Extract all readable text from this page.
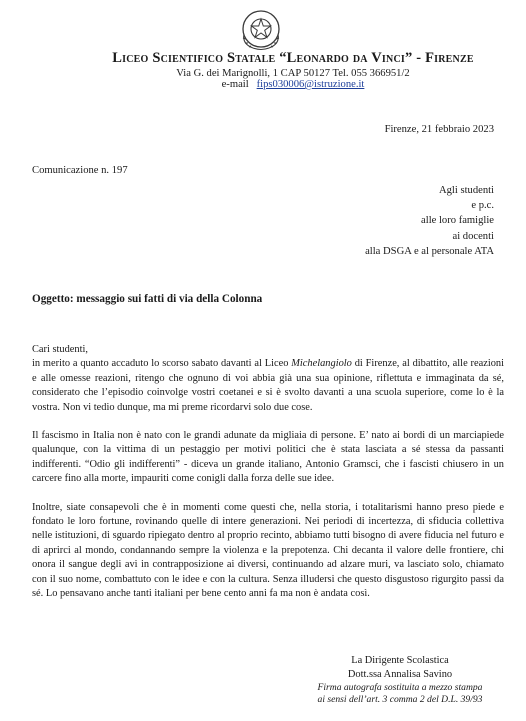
Liceo Scientifico Statale “Leonardo da Vinci” - Firenze
Via G. dei Marignolli, 1 CAP 50127 Tel. 055 366951/2
e-mail fips030006@istruzione.it
Firenze, 21 febbraio 2023
Comunicazione n. 197
Agli studenti
e p.c.
alle loro famiglie
ai docenti
alla DSGA e al personale ATA
Oggetto: messaggio sui fatti di via della Colonna

Cari studenti,

in merito a quanto accaduto lo scorso sabato davanti al Liceo Michelangiolo di Firenze, al dibattito, alle reazioni e alle omesse reazioni, ritengo che ognuno di voi abbia già una sua opinione, riflettuta e immaginata da sé, considerato che l’episodio coinvolge vostri coetanei e si è svolto davanti a una scuola superiore, come lo è la vostra. Non vi tedio dunque, ma mi preme ricordarvi solo due cose.

Il fascismo in Italia non è nato con le grandi adunate da migliaia di persone. E’ nato ai bordi di un marciapiede qualunque, con la vittima di un pestaggio per motivi politici che è stata lasciata a sé stessa da passanti indifferenti. “Odio gli indifferenti” - diceva un grande italiano, Antonio Gramsci, che i fascisti chiusero in un carcere fino alla morte, impauriti come conigli dalla forza delle sue idee.

Inoltre, siate consapevoli che è in momenti come questi che, nella storia, i totalitarismi hanno preso piede e fondato le loro fortune, rovinando quelle di intere generazioni. Nei periodi di incertezza, di sfiducia collettiva nelle istituzioni, di sguardo ripiegato dentro al proprio recinto, abbiamo tutti bisogno di avere fiducia nel futuro e di aprirci al mondo, condannando sempre la violenza e la prepotenza. Chi decanta il valore delle frontiere, chi onora il sangue degli avi in contrapposizione ai diversi, continuando ad alzare muri, va lasciato solo, chiamato con il suo nome, combattuto con le idee e con la cultura. Senza illudersi che questo disgustoso rigurgito passi da sé. Lo pensavano anche tanti italiani per bene cento anni fa ma non è andata così.

La Dirigente Scolastica
Dott.ssa Annalisa Savino
Firma autografa sostituita a mezzo stampa
ai sensi dell’art. 3 comma 2 del D.L. 39/93
